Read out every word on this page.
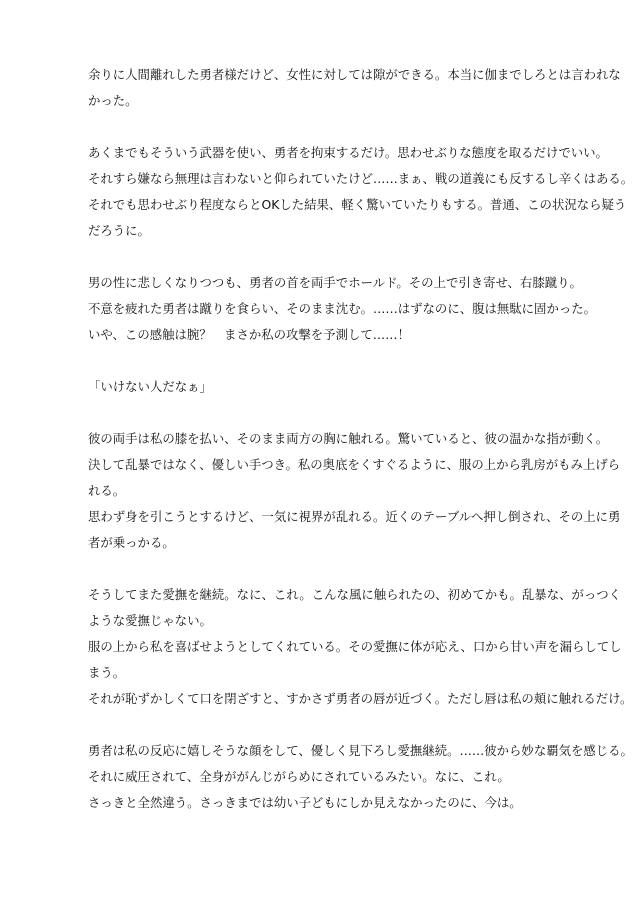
余りに人間離れした勇者様だけど、女性に対しては隙ができる。本当に伽までしろとは言われな
かった。
あくまでもそういう武器を使い、勇者を拘束するだけ。思わせぶりな態度を取るだけでいい。
それすら嫌なら無理は言わないと仰られていたけど……まぁ、戦の道義にも反するし辛くはある。
それでも思わせぶり程度ならとOKした結果、軽く驚いていたりもする。普通、この状況なら疑う
だろうに。
男の性に悲しくなりつつも、勇者の首を両手でホールド。その上で引き寄せ、右膝蹴り。
不意を疲れた勇者は蹴りを食らい、そのまま沈む。……はずなのに、腹は無駄に固かった。
いや、この感触は腕？　まさか私の攻撃を予測して……！
「いけない人だなぁ」
彼の両手は私の膝を払い、そのまま両方の胸に触れる。驚いていると、彼の温かな指が動く。
決して乱暴ではなく、優しい手つき。私の奥底をくすぐるように、服の上から乳房がもみ上げら
れる。
思わず身を引こうとするけど、一気に視界が乱れる。近くのテーブルへ押し倒され、その上に勇
者が乗っかる。
そうしてまた愛撫を継続。なに、これ。こんな風に触られたの、初めてかも。乱暴な、がっつく
ような愛撫じゃない。
服の上から私を喜ばせようとしてくれている。その愛撫に体が応え、口から甘い声を漏らしてし
まう。
それが恥ずかしくて口を閉ざすと、すかさず勇者の唇が近づく。ただし唇は私の頬に触れるだけ。
勇者は私の反応に嬉しそうな顔をして、優しく見下ろし愛撫継続。……彼から妙な覇気を感じる。
それに威圧されて、全身ががんじがらめにされているみたい。なに、これ。
さっきと全然違う。さっきまでは幼い子どもにしか見えなかったのに、今は。
